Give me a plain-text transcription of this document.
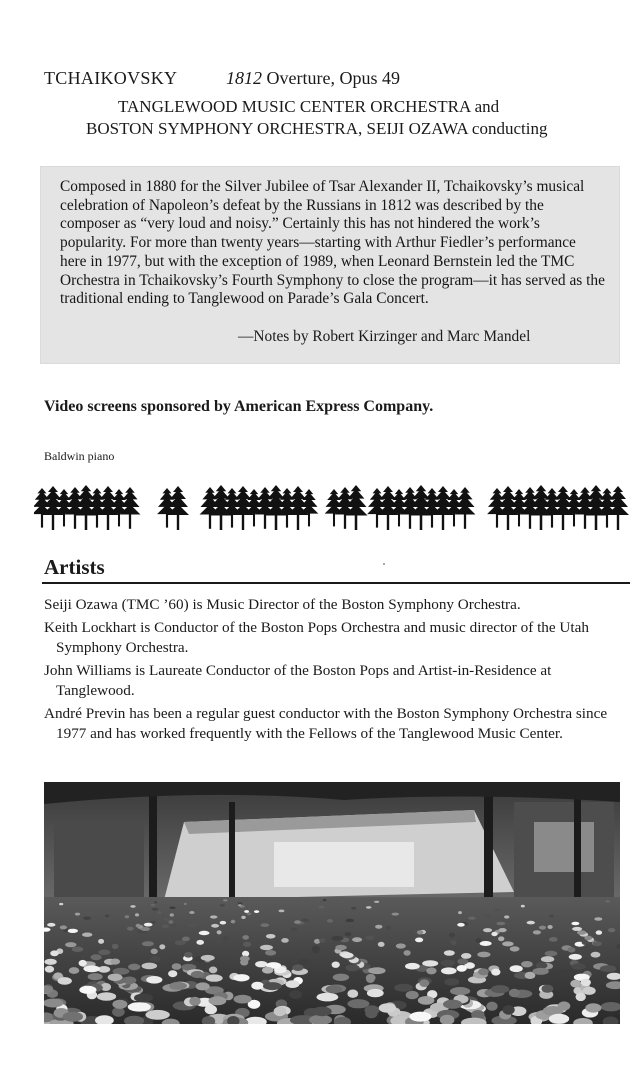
TCHAIKOVSKY	1812 Overture, Opus 49
TANGLEWOOD MUSIC CENTER ORCHESTRA and
BOSTON SYMPHONY ORCHESTRA, SEIJI OZAWA conducting
Composed in 1880 for the Silver Jubilee of Tsar Alexander II, Tchaikovsky’s musical celebration of Napoleon’s defeat by the Russians in 1812 was described by the composer as “very loud and noisy.” Certainly this has not hindered the work’s popularity. For more than twenty years—starting with Arthur Fiedler’s performance here in 1977, but with the exception of 1989, when Leonard Bernstein led the TMC Orchestra in Tchaikovsky’s Fourth Symphony to close the program—it has served as the traditional ending to Tanglewood on Parade’s Gala Concert.
—Notes by Robert Kirzinger and Marc Mandel
Video screens sponsored by American Express Company.
Baldwin piano
Artists

Seiji Ozawa (TMC ’60) is Music Director of the Boston Symphony Orchestra.

Keith Lockhart is Conductor of the Boston Pops Orchestra and music director of the Utah Symphony Orchestra.

John Williams is Laureate Conductor of the Boston Pops and Artist-in-Residence at Tanglewood.

André Previn has been a regular guest conductor with the Boston Symphony Orchestra since 1977 and has worked frequently with the Fellows of the Tanglewood Music Center.
